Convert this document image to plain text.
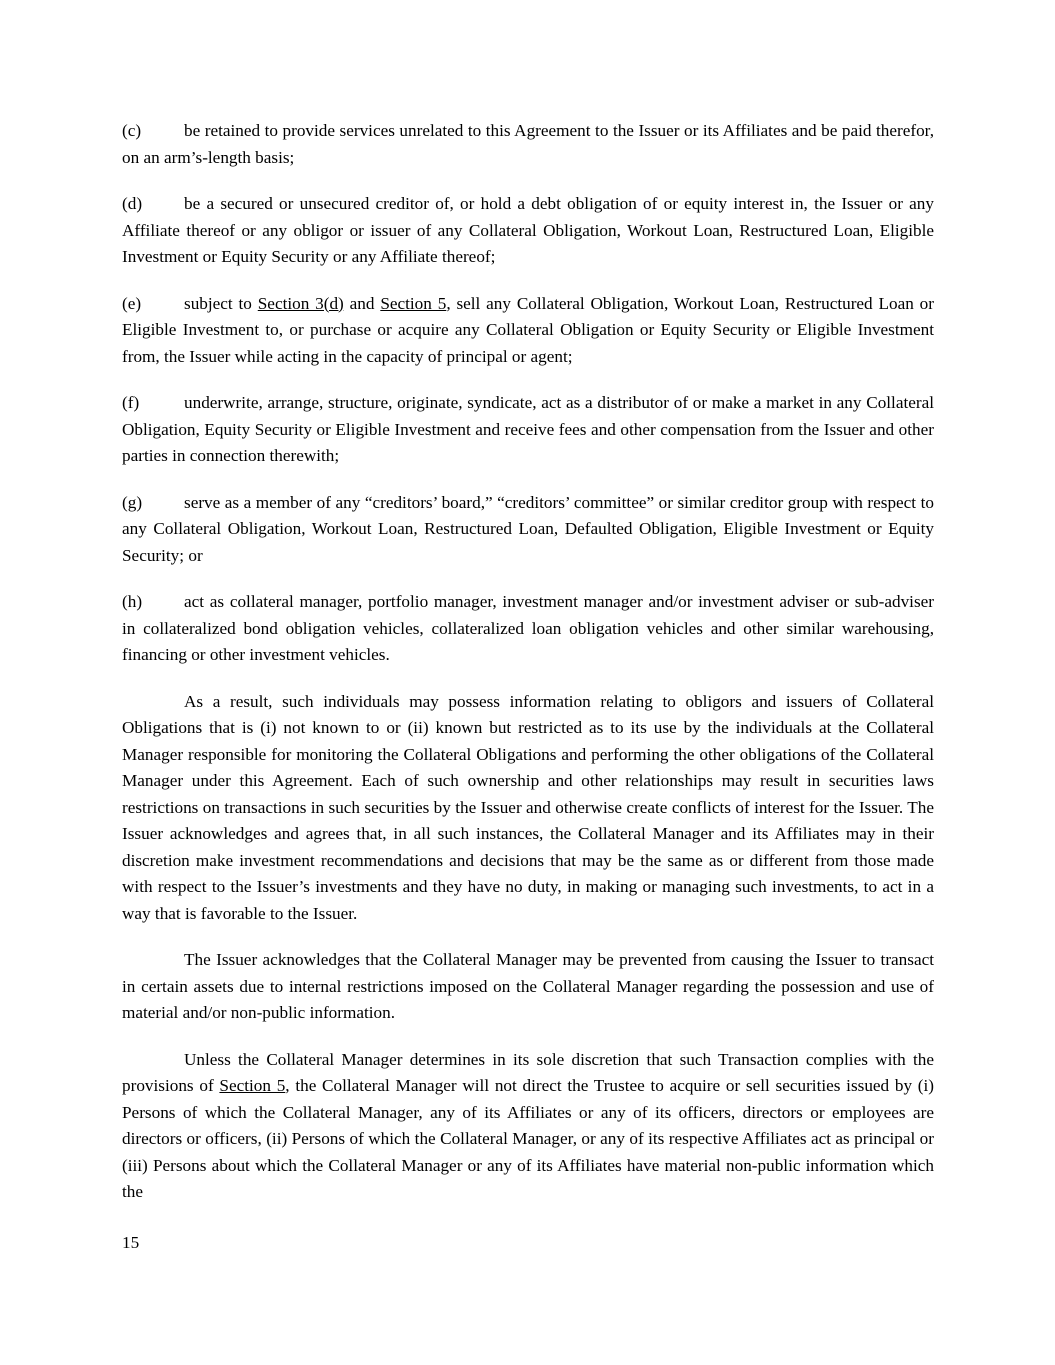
(c) be retained to provide services unrelated to this Agreement to the Issuer or its Affiliates and be paid therefor, on an arm’s-length basis;

(d) be a secured or unsecured creditor of, or hold a debt obligation of or equity interest in, the Issuer or any Affiliate thereof or any obligor or issuer of any Collateral Obligation, Workout Loan, Restructured Loan, Eligible Investment or Equity Security or any Affiliate thereof;

(e) subject to Section 3(d) and Section 5, sell any Collateral Obligation, Workout Loan, Restructured Loan or Eligible Investment to, or purchase or acquire any Collateral Obligation or Equity Security or Eligible Investment from, the Issuer while acting in the capacity of principal or agent;

(f)	underwrite, arrange, structure, originate, syndicate, act as a distributor of or make a market in any Collateral Obligation, Equity Security or Eligible Investment and receive fees and other compensation from the Issuer and other parties in connection therewith;

(g) serve as a member of any “creditors’ board,” “creditors’ committee” or similar creditor group with respect to any Collateral Obligation, Workout Loan, Restructured Loan, Defaulted Obligation, Eligible Investment or Equity Security; or

(h) act as collateral manager, portfolio manager, investment manager and/or investment adviser or sub-adviser in collateralized bond obligation vehicles, collateralized loan obligation vehicles and other similar warehousing, financing or other investment vehicles.

As a result, such individuals may possess information relating to obligors and issuers of Collateral Obligations that is (i) not known to or (ii) known but restricted as to its use by the individuals at the Collateral Manager responsible for monitoring the Collateral Obligations and performing the other obligations of the Collateral Manager under this Agreement. Each of such ownership and other relationships may result in securities laws restrictions on transactions in such securities by the Issuer and otherwise create conflicts of interest for the Issuer. The Issuer acknowledges and agrees that, in all such instances, the Collateral Manager and its Affiliates may in their discretion make investment recommendations and decisions that may be the same as or different from those made with respect to the Issuer’s investments and they have no duty, in making or managing such investments, to act in a way that is favorable to the Issuer.

The Issuer acknowledges that the Collateral Manager may be prevented from causing the Issuer to transact in certain assets due to internal restrictions imposed on the Collateral Manager regarding the possession and use of material and/or non-public information.

Unless the Collateral Manager determines in its sole discretion that such Transaction complies with the provisions of Section 5, the Collateral Manager will not direct the Trustee to acquire or sell securities issued by (i) Persons of which the Collateral Manager, any of its Affiliates or any of its officers, directors or employees are directors or officers, (ii) Persons of which the Collateral Manager, or any of its respective Affiliates act as principal or (iii) Persons about which the Collateral Manager or any of its Affiliates have material non-public information which the

15
